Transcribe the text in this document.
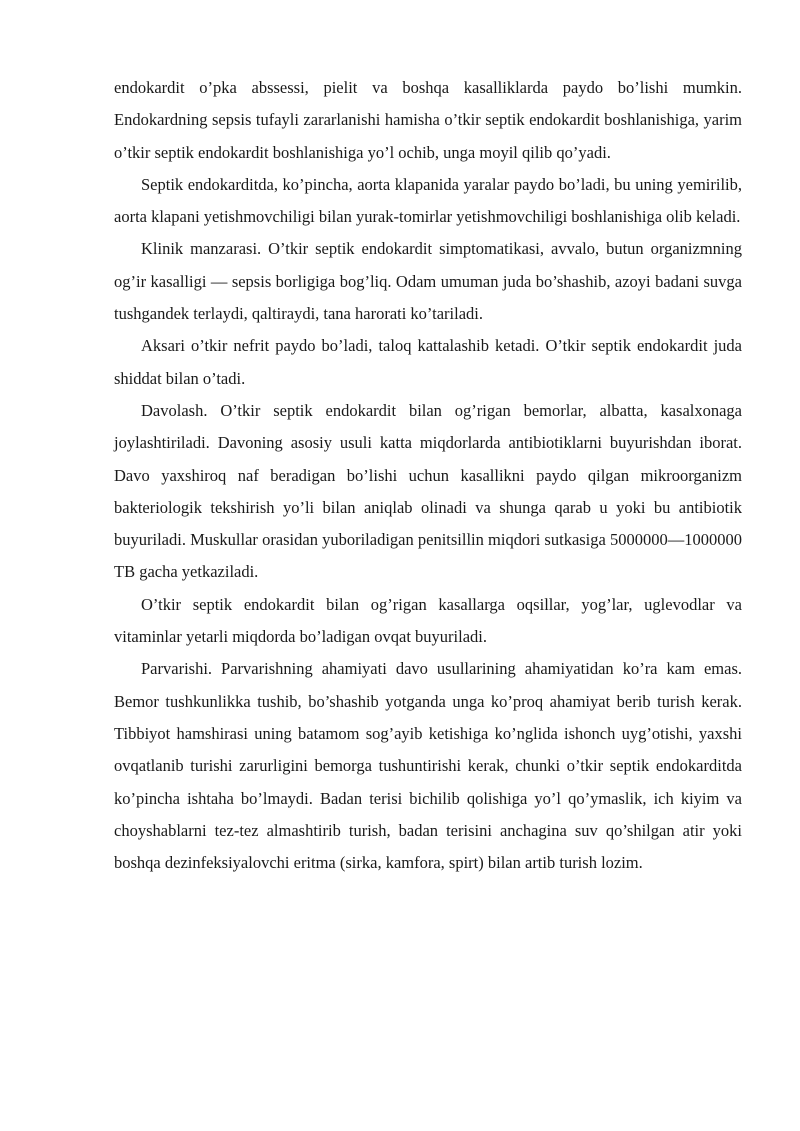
endokardit o’pka abssessi, pielit va boshqa kasalliklarda paydo bo’lishi mumkin. Endokardning sepsis tufayli zararlanishi hamisha o’tkir septik endokardit boshlanishiga, yarim o’tkir septik endokardit boshlanishiga yo’l ochib, unga moyil qilib qo’yadi.

Septik endokarditda, ko’pincha, aorta klapanida yaralar paydo bo’ladi, bu uning yemirilib, aorta klapani yetishmovchiligi bilan yurak-tomirlar yetishmovchiligi boshlanishiga olib keladi.

Klinik manzarasi. O’tkir septik endokardit simptomatikasi, avvalo, butun organizmning og’ir kasalligi — sepsis borligiga bog’liq. Odam umuman juda bo’shashib, azoyi badani suvga tushgandek terlaydi, qaltiraydi, tana harorati ko’tariladi.

Aksari o’tkir nefrit paydo bo’ladi, taloq kattalashib ketadi. O’tkir septik endokardit juda shiddat bilan o’tadi.

Davolash. O’tkir septik endokardit bilan og’rigan bemorlar, albatta, kasalxonaga joylashtiriladi. Davoning asosiy usuli katta miqdorlarda antibiotiklarni buyurishdan iborat. Davo yaxshiroq naf beradigan bo’lishi uchun kasallikni paydo qilgan mikroorganizm bakteriologik tekshirish yo’li bilan aniqlab olinadi va shunga qarab u yoki bu antibiotik buyuriladi. Muskullar orasidan yuboriladigan penitsillin miqdori sutkasiga 5000000—1000000 TB gacha yetkaziladi.

O’tkir septik endokardit bilan og’rigan kasallarga oqsillar, yog’lar, uglevodlar va vitaminlar yetarli miqdorda bo’ladigan ovqat buyuriladi.

Parvarishi. Parvarishning ahamiyati davo usullarining ahamiyatidan ko’ra kam emas. Bemor tushkunlikka tushib, bo’shashib yotganda unga ko’proq ahamiyat berib turish kerak. Tibbiyot hamshirasi uning batamom sog’ayib ketishiga ko’nglida ishonch uyg’otishi, yaxshi ovqatlanib turishi zarurligini bemorga tushuntirishi kerak, chunki o’tkir septik endokarditda ko’pincha ishtaha bo’lmaydi. Badan terisi bichilib qolishiga yo’l qo’ymaslik, ich kiyim va choyshablarni tez-tez almashtirib turish, badan terisini anchagina suv qo’shilgan atir yoki boshqa dezinfeksiyalovchi eritma (sirka, kamfora, spirt) bilan artib turish lozim.
